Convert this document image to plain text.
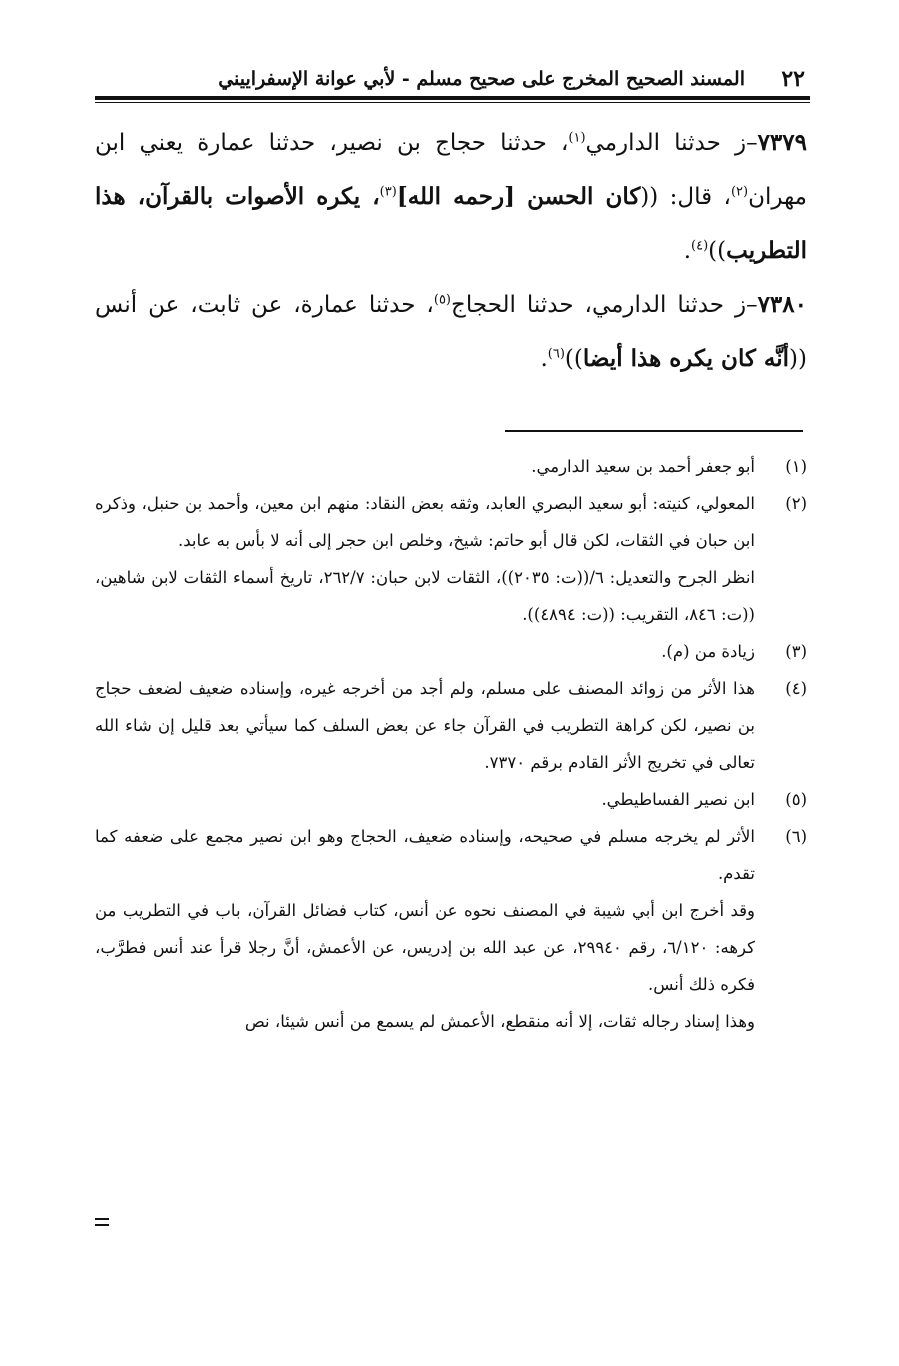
٢٢
المسند الصحيح المخرج على صحيح مسلم - لأبي عوانة الإسفراييني

٧٣٧٩–ز حدثنا الدارمي$^{(١)}$، حدثنا حجاج بن نصير، حدثنا عمارة يعني ابن مهران$^{(٢)}$، قال: ((كان الحسن [رحمه الله]$^{(٣)}$، يكره الأصوات بالقرآن، هذا التطريب))$^{(٤)}$.

٧٣٨٠–ز حدثنا الدارمي، حدثنا الحجاج$^{(٥)}$، حدثنا عمارة، عن ثابت، عن أنس ((أنَّه كان يكره هذا أيضا))$^{(٦)}$.

(١)
أبو جعفر أحمد بن سعيد الدارمي.

(٢)
المعولي، كنيته: أبو سعيد البصري العابد، وثقه بعض النقاد: منهم ابن معين، وأحمد بن حنبل، وذكره ابن حبان في الثقات، لكن قال أبو حاتم: شيخ، وخلص ابن حجر إلى أنه لا بأس به عابد.

انظر الجرح والتعديل: ٦/((ت: ٢٠٣٥))، الثقات لابن حبان: ٢٦٢/٧، تاريخ أسماء الثقات لابن شاهين، ((ت: ٨٤٦، التقريب: ((ت: ٤٨٩٤)).

(٣)
زيادة من (م).

(٤)
هذا الأثر من زوائد المصنف على مسلم، ولم أجد من أخرجه غيره، وإسناده ضعيف لضعف حجاج بن نصير، لكن كراهة التطريب في القرآن جاء عن بعض السلف كما سيأتي بعد قليل إن شاء الله تعالى في تخريج الأثر القادم برقم ٧٣٧٠.

(٥)
ابن نصير الفساطيطي.

(٦)
الأثر لم يخرجه مسلم في صحيحه، وإسناده ضعيف، الحجاج وهو ابن نصير مجمع على ضعفه كما تقدم.

وقد أخرج ابن أبي شيبة في المصنف نحوه عن أنس، كتاب فضائل القرآن، باب في التطريب من كرهه: ٦/١٢٠، رقم ٢٩٩٤٠، عن عبد الله بن إدريس، عن الأعمش، أنَّ رجلا قرأ عند أنس فطرَّب، فكره ذلك أنس.

وهذا إسناد رجاله ثقات، إلا أنه منقطع، الأعمش لم يسمع من أنس شيئا، نص
